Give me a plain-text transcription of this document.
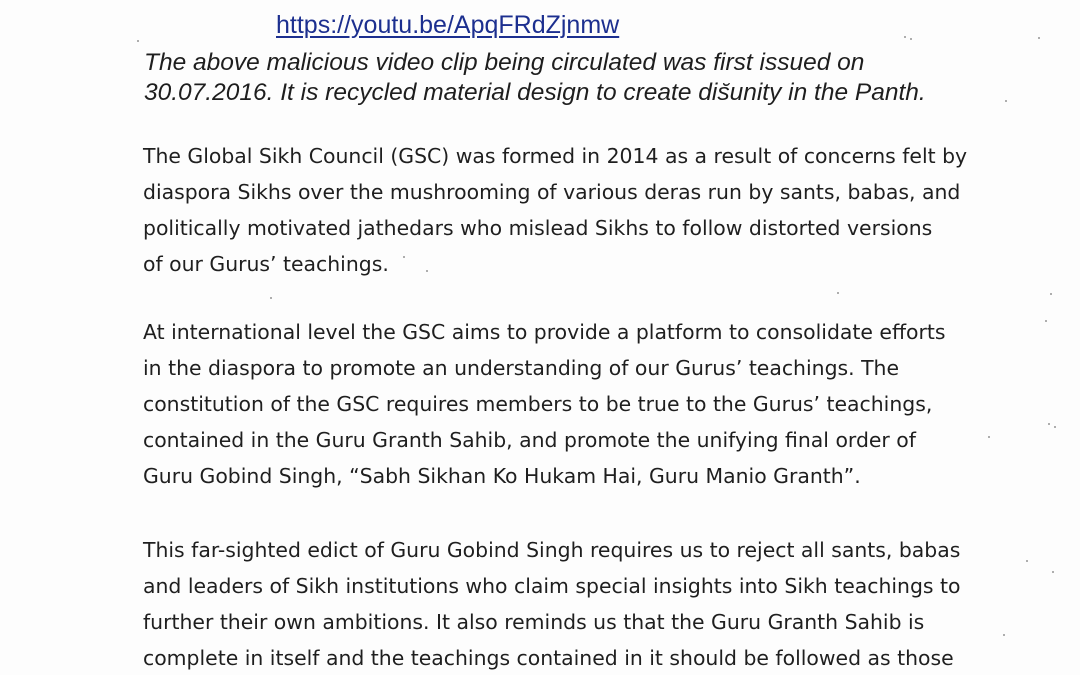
https://youtu.be/ApqFRdZjnmw

The above malicious video clip being circulated was first issued on
30.07.2016. It is recycled material design to create dis̆unity in the Panth.

The Global Sikh Council (GSC) was formed in 2014 as a result of concerns felt by
diaspora Sikhs over the mushrooming of various deras run by sants, babas, and
politically motivated jathedars who mislead Sikhs to follow distorted versions
of our Gurus’ teachings.

At international level the GSC aims to provide a platform to consolidate efforts
in the diaspora to promote an understanding of our Gurus’ teachings. The
constitution of the GSC requires members to be true to the Gurus’ teachings,
contained in the Guru Granth Sahib, and promote the unifying final order of
Guru Gobind Singh, “Sabh Sikhan Ko Hukam Hai, Guru Manio Granth”.

This far-sighted edict of Guru Gobind Singh requires us to reject all sants, babas
and leaders of Sikh institutions who claim special insights into Sikh teachings to
further their own ambitions. It also reminds us that the Guru Granth Sahib is
complete in itself and the teachings contained in it should be followed as those
